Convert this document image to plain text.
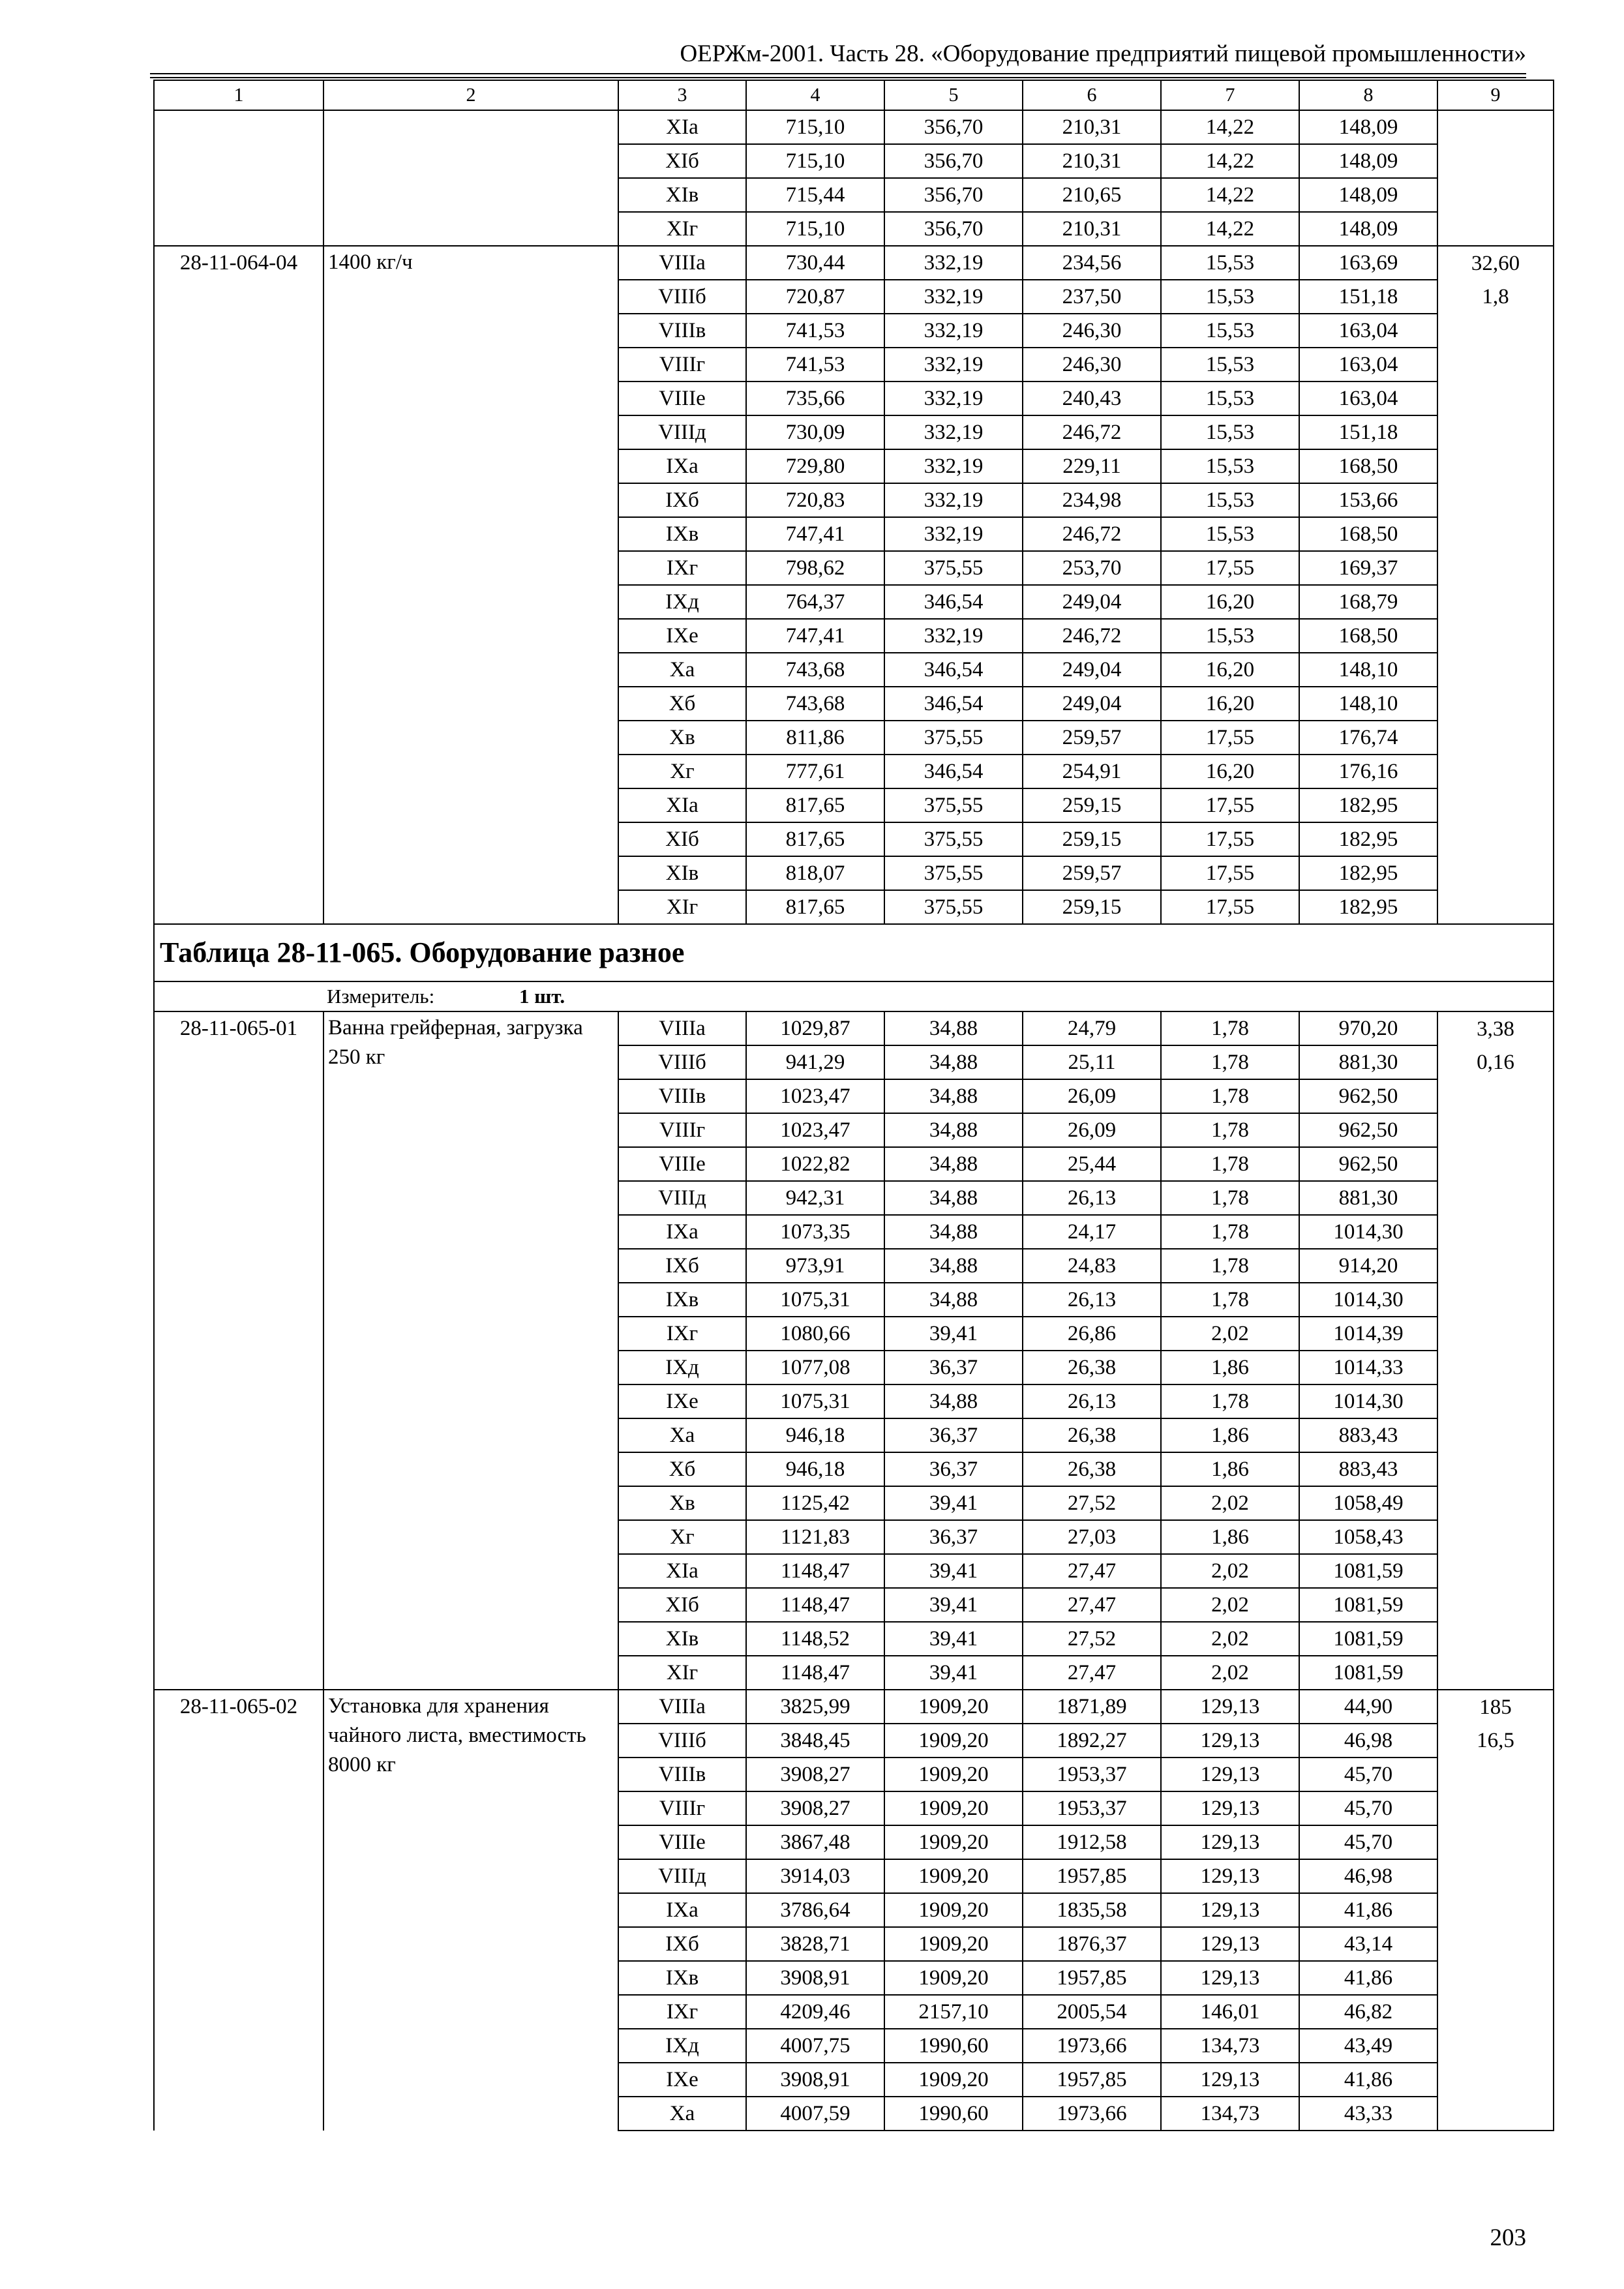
ОЕРЖм-2001. Часть 28. «Оборудование предприятий пищевой промышленности»
1	2	3	4	5	6	7	8	9
		XIа	715,10	356,70	210,31	14,22	148,09	
		XIб	715,10	356,70	210,31	14,22	148,09	
		XIв	715,44	356,70	210,65	14,22	148,09	
		XIг	715,10	356,70	210,31	14,22	148,09	
28-11-064-04	1400 кг/ч	VIIIа	730,44	332,19	234,56	15,53	163,69	32,60
		VIIIб	720,87	332,19	237,50	15,53	151,18	1,8
		VIIIв	741,53	332,19	246,30	15,53	163,04	
		VIIIг	741,53	332,19	246,30	15,53	163,04	
		VIIIе	735,66	332,19	240,43	15,53	163,04	
		VIIIд	730,09	332,19	246,72	15,53	151,18	
		IXа	729,80	332,19	229,11	15,53	168,50	
		IXб	720,83	332,19	234,98	15,53	153,66	
		IXв	747,41	332,19	246,72	15,53	168,50	
		IXг	798,62	375,55	253,70	17,55	169,37	
		IXд	764,37	346,54	249,04	16,20	168,79	
		IXе	747,41	332,19	246,72	15,53	168,50	
		Xа	743,68	346,54	249,04	16,20	148,10	
		Xб	743,68	346,54	249,04	16,20	148,10	
		Xв	811,86	375,55	259,57	17,55	176,74	
		Xг	777,61	346,54	254,91	16,20	176,16	
		XIа	817,65	375,55	259,15	17,55	182,95	
		XIб	817,65	375,55	259,15	17,55	182,95	
		XIв	818,07	375,55	259,57	17,55	182,95	
		XIг	817,65	375,55	259,15	17,55	182,95	
Таблица 28-11-065. Оборудование разное								
Измеритель: 1 шт.								
28-11-065-01	Ванна грейферная, загрузка 250 кг	VIIIа	1029,87	34,88	24,79	1,78	970,20	3,38
		VIIIб	941,29	34,88	25,11	1,78	881,30	0,16
		VIIIв	1023,47	34,88	26,09	1,78	962,50	
		VIIIг	1023,47	34,88	26,09	1,78	962,50	
		VIIIе	1022,82	34,88	25,44	1,78	962,50	
		VIIIд	942,31	34,88	26,13	1,78	881,30	
		IXа	1073,35	34,88	24,17	1,78	1014,30	
		IXб	973,91	34,88	24,83	1,78	914,20	
		IXв	1075,31	34,88	26,13	1,78	1014,30	
		IXг	1080,66	39,41	26,86	2,02	1014,39	
		IXд	1077,08	36,37	26,38	1,86	1014,33	
		IXе	1075,31	34,88	26,13	1,78	1014,30	
		Xа	946,18	36,37	26,38	1,86	883,43	
		Xб	946,18	36,37	26,38	1,86	883,43	
		Xв	1125,42	39,41	27,52	2,02	1058,49	
		Xг	1121,83	36,37	27,03	1,86	1058,43	
		XIа	1148,47	39,41	27,47	2,02	1081,59	
		XIб	1148,47	39,41	27,47	2,02	1081,59	
		XIв	1148,52	39,41	27,52	2,02	1081,59	
		XIг	1148,47	39,41	27,47	2,02	1081,59	
28-11-065-02	Установка для хранения чайного листа, вместимость 8000 кг	VIIIа	3825,99	1909,20	1871,89	129,13	44,90	185
		VIIIб	3848,45	1909,20	1892,27	129,13	46,98	16,5
		VIIIв	3908,27	1909,20	1953,37	129,13	45,70	
		VIIIг	3908,27	1909,20	1953,37	129,13	45,70	
		VIIIе	3867,48	1909,20	1912,58	129,13	45,70	
		VIIIд	3914,03	1909,20	1957,85	129,13	46,98	
		IXа	3786,64	1909,20	1835,58	129,13	41,86	
		IXб	3828,71	1909,20	1876,37	129,13	43,14	
		IXв	3908,91	1909,20	1957,85	129,13	41,86	
		IXг	4209,46	2157,10	2005,54	146,01	46,82	
		IXд	4007,75	1990,60	1973,66	134,73	43,49	
		IXе	3908,91	1909,20	1957,85	129,13	41,86	
		Xа	4007,59	1990,60	1973,66	134,73	43,33	
203
